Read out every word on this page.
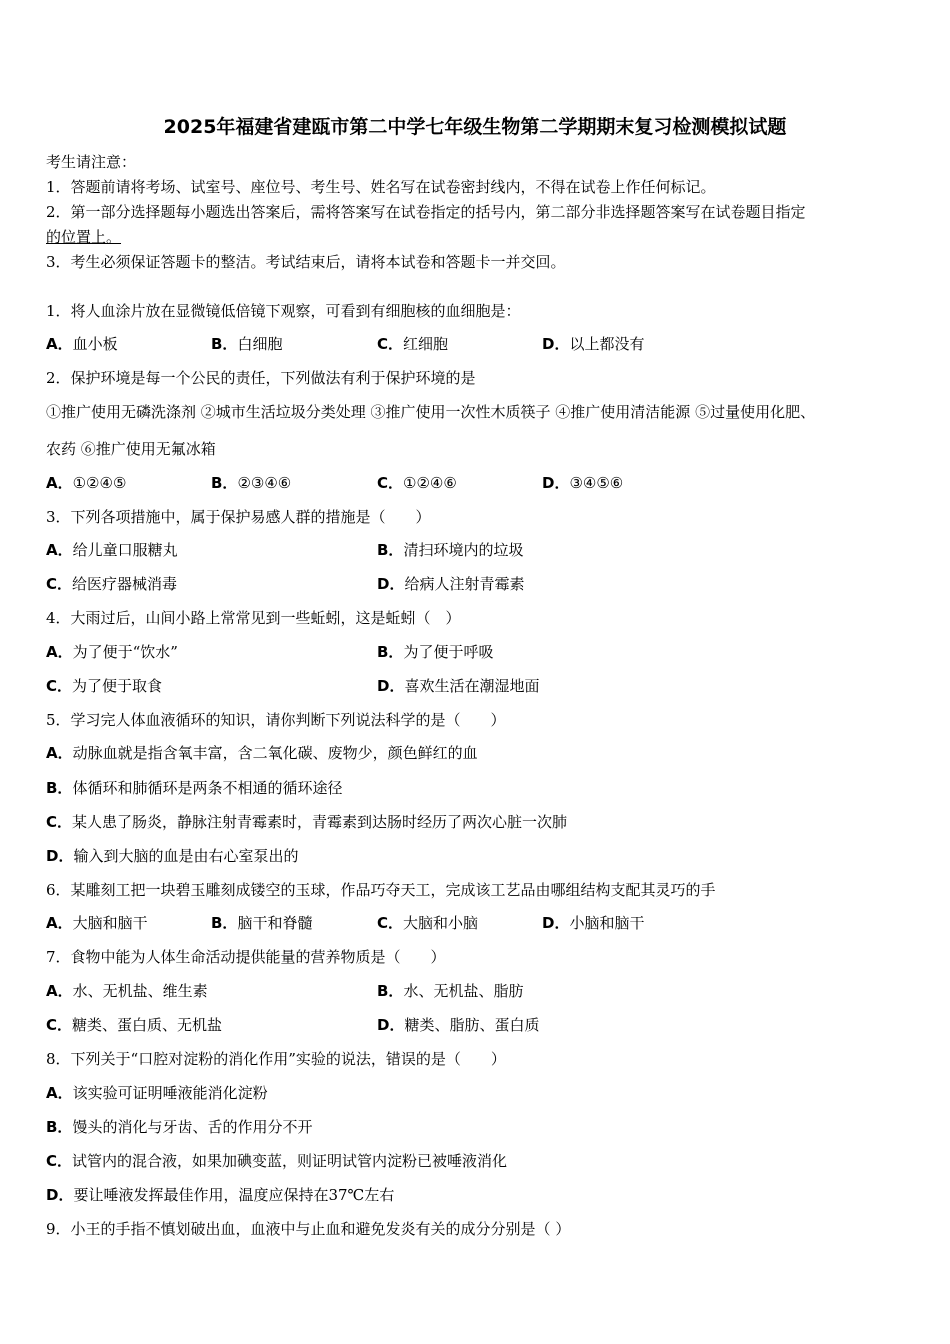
2025年福建省建瓯市第二中学七年级生物第二学期期末复习检测模拟试题
考生请注意：
1．答题前请将考场、试室号、座位号、考生号、姓名写在试卷密封线内，不得在试卷上作任何标记。
2．第一部分选择题每小题选出答案后，需将答案写在试卷指定的括号内，第二部分非选择题答案写在试卷题目指定
的位置上。
3．考生必须保证答题卡的整洁。考试结束后，请将本试卷和答题卡一并交回。
1．将人血涂片放在显微镜低倍镜下观察，可看到有细胞核的血细胞是：
A．血小板	B．白细胞	C．红细胞	D．以上都没有
2．保护环境是每一个公民的责任，下列做法有利于保护环境的是
①推广使用无磷洗涤剂 ②城市生活垃圾分类处理 ③推广使用一次性木质筷子 ④推广使用清洁能源 ⑤过量使用化肥、
农药 ⑥推广使用无氟冰箱
A．①②④⑤	B．②③④⑥	C．①②④⑥	D．③④⑤⑥
3．下列各项措施中，属于保护易感人群的措施是（　　）
A．给儿童口服糖丸	B．清扫环境内的垃圾
C．给医疗器械消毒	D．给病人注射青霉素
4．大雨过后，山间小路上常常见到一些蚯蚓，这是蚯蚓（　）
A．为了便于“饮水”	B．为了便于呼吸
C．为了便于取食	D．喜欢生活在潮湿地面
5．学习完人体血液循环的知识，请你判断下列说法科学的是（　　）
A．动脉血就是指含氧丰富，含二氧化碳、废物少，颜色鲜红的血
B．体循环和肺循环是两条不相通的循环途径
C．某人患了肠炎，静脉注射青霉素时，青霉素到达肠时经历了两次心脏一次肺
D．输入到大脑的血是由右心室泵出的
6．某雕刻工把一块碧玉雕刻成镂空的玉球，作品巧夺天工，完成该工艺品由哪组结构支配其灵巧的手
A．大脑和脑干	B．脑干和脊髓	C．大脑和小脑	D．小脑和脑干
7．食物中能为人体生命活动提供能量的营养物质是（　　）
A．水、无机盐、维生素	B．水、无机盐、脂肪
C．糖类、蛋白质、无机盐	D．糖类、脂肪、蛋白质
8．下列关于“口腔对淀粉的消化作用”实验的说法，错误的是（　　）
A．该实验可证明唾液能消化淀粉
B．馒头的消化与牙齿、舌的作用分不开
C．试管内的混合液，如果加碘变蓝，则证明试管内淀粉已被唾液消化
D．要让唾液发挥最佳作用，温度应保持在37℃左右
9．小王的手指不慎划破出血，血液中与止血和避免发炎有关的成分分别是（ ）
